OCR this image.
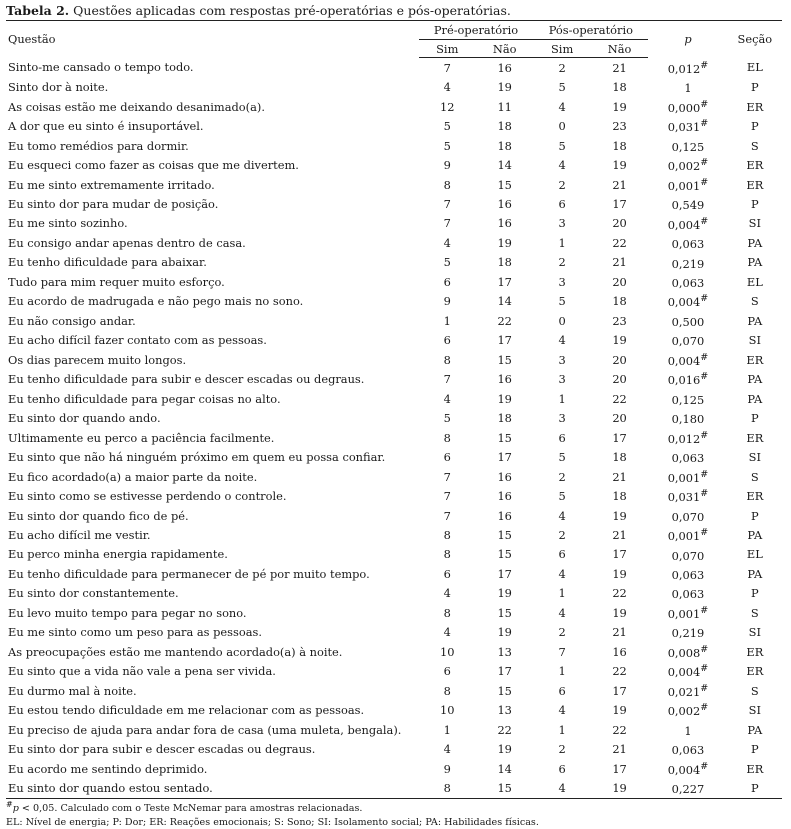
Tabela 2. Questões aplicadas com respostas pré-operatórias e pós-operatórias.
Questão	Pré-operatório		Pós-operatório		p	Seção
	Sim	Não	Sim	Não		
Sinto-me cansado o tempo todo.	7	16	2	21	0,012#	EL
Sinto dor à noite.	4	19	5	18	1	P
As coisas estão me deixando desanimado(a).	12	11	4	19	0,000#	ER
A dor que eu sinto é insuportável.	5	18	0	23	0,031#	P
Eu tomo remédios para dormir.	5	18	5	18	0,125	S
Eu esqueci como fazer as coisas que me divertem.	9	14	4	19	0,002#	ER
Eu me sinto extremamente irritado.	8	15	2	21	0,001#	ER
Eu sinto dor para mudar de posição.	7	16	6	17	0,549	P
Eu me sinto sozinho.	7	16	3	20	0,004#	SI
Eu consigo andar apenas dentro de casa.	4	19	1	22	0,063	PA
Eu tenho dificuldade para abaixar.	5	18	2	21	0,219	PA
Tudo para mim requer muito esforço.	6	17	3	20	0,063	EL
Eu acordo de madrugada e não pego mais no sono.	9	14	5	18	0,004#	S
Eu não consigo andar.	1	22	0	23	0,500	PA
Eu acho difícil fazer contato com as pessoas.	6	17	4	19	0,070	SI
Os dias parecem muito longos.	8	15	3	20	0,004#	ER
Eu tenho dificuldade para subir e descer escadas ou degraus.	7	16	3	20	0,016#	PA
Eu tenho dificuldade para pegar coisas no alto.	4	19	1	22	0,125	PA
Eu sinto dor quando ando.	5	18	3	20	0,180	P
Ultimamente eu perco a paciência facilmente.	8	15	6	17	0,012#	ER
Eu sinto que não há ninguém próximo em quem eu possa confiar.	6	17	5	18	0,063	SI
Eu fico acordado(a) a maior parte da noite.	7	16	2	21	0,001#	S
Eu sinto como se estivesse perdendo o controle.	7	16	5	18	0,031#	ER
Eu sinto dor quando fico de pé.	7	16	4	19	0,070	P
Eu acho difícil me vestir.	8	15	2	21	0,001#	PA
Eu perco minha energia rapidamente.	8	15	6	17	0,070	EL
Eu tenho dificuldade para permanecer de pé por muito tempo.	6	17	4	19	0,063	PA
Eu sinto dor constantemente.	4	19	1	22	0,063	P
Eu levo muito tempo para pegar no sono.	8	15	4	19	0,001#	S
Eu me sinto como um peso para as pessoas.	4	19	2	21	0,219	SI
As preocupações estão me mantendo acordado(a) à noite.	10	13	7	16	0,008#	ER
Eu sinto que a vida não vale a pena ser vivida.	6	17	1	22	0,004#	ER
Eu durmo mal à noite.	8	15	6	17	0,021#	S
Eu estou tendo dificuldade em me relacionar com as pessoas.	10	13	4	19	0,002#	SI
Eu preciso de ajuda para andar fora de casa (uma muleta, bengala).	1	22	1	22	1	PA
Eu sinto dor para subir e descer escadas ou degraus.	4	19	2	21	0,063	P
Eu acordo me sentindo deprimido.	9	14	6	17	0,004#	ER
Eu sinto dor quando estou sentado.	8	15	4	19	0,227	P
#p < 0,05. Calculado com o Teste McNemar para amostras relacionadas.
EL: Nível de energia; P: Dor; ER: Reações emocionais; S: Sono; SI: Isolamento social; PA: Habilidades físicas.
